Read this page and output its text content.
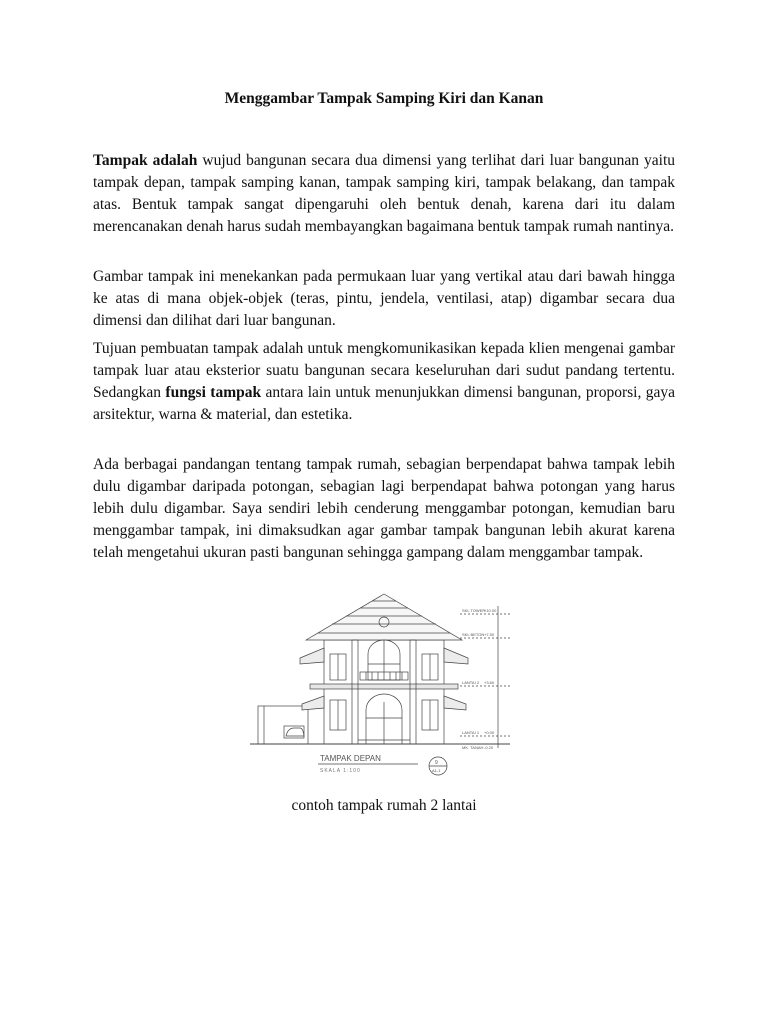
Menggambar Tampak Samping Kiri dan Kanan

Tampak adalah wujud bangunan secara dua dimensi yang terlihat dari luar bangunan yaitu tampak depan, tampak samping kanan, tampak samping kiri, tampak belakang, dan tampak atas. Bentuk tampak sangat dipengaruhi oleh bentuk denah, karena dari itu dalam merencanakan denah harus sudah membayangkan bagaimana bentuk tampak rumah nantinya.

Gambar tampak ini menekankan pada permukaan luar yang vertikal atau dari bawah hingga ke atas di mana objek-objek (teras, pintu, jendela, ventilasi, atap) digambar secara dua dimensi dan dilihat dari luar bangunan.

Tujuan pembuatan tampak adalah untuk mengkomunikasikan kepada klien mengenai gambar tampak luar atau eksterior suatu bangunan secara keseluruhan dari sudut pandang tertentu. Sedangkan fungsi tampak antara lain untuk menunjukkan dimensi bangunan, proporsi, gaya arsitektur, warna & material, dan estetika.

Ada berbagai pandangan tentang tampak rumah, sebagian berpendapat bahwa tampak lebih dulu digambar daripada potongan, sebagian lagi berpendapat bahwa potongan yang harus lebih dulu digambar. Saya sendiri lebih cenderung menggambar potongan, kemudian baru menggambar tampak, ini dimaksudkan agar gambar tampak bangunan lebih akurat karena telah mengetahui ukuran pasti bangunan sehingga gampang dalam menggambar tampak.

SKL TOWER
+10.00
SKL BETON +7.50
LANTAI 2 +3.60
LANTAI 1 +0.00
MK. TANAH -0.20
TAMPAK DEPAN
SKALA 1:100
9
A1-1
contoh tampak rumah 2 lantai
